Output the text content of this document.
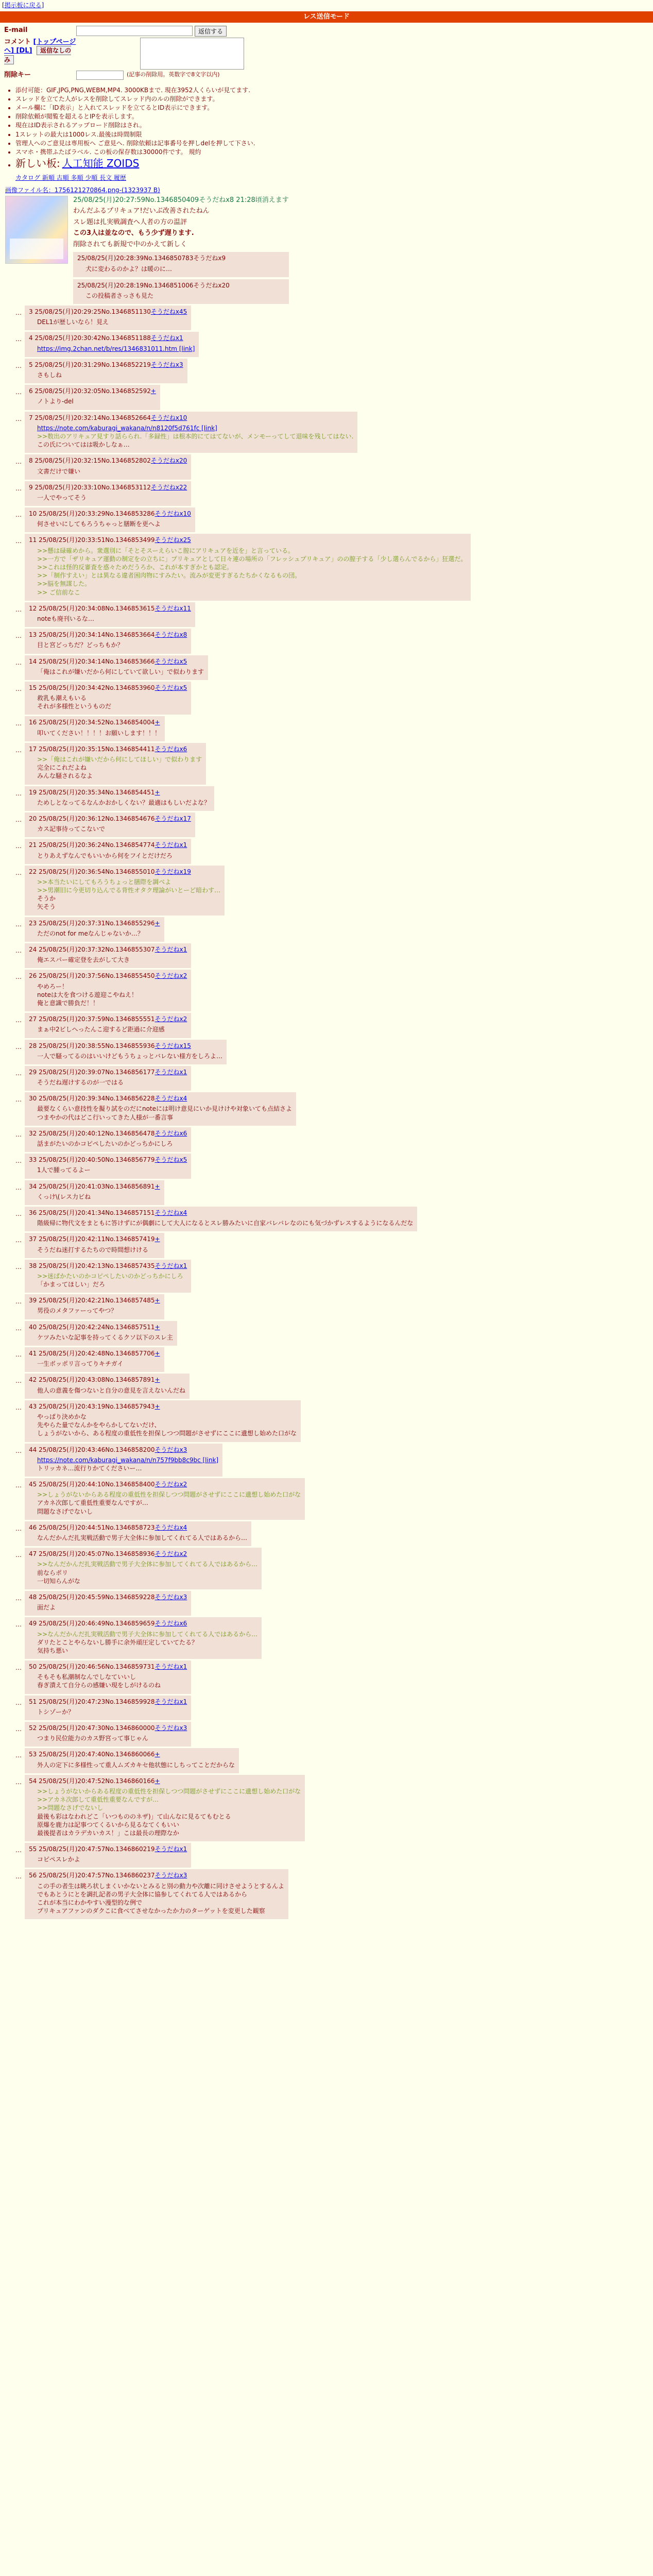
[掲示板に戻る]
レス送信モード
E-mail	返信する
コメント [トップページへ] [DL] 返信なしのみ
削除キー	(記事の削除用。英数字で8文字以内)
• 添付可能：GIF,JPG,PNG,WEBM,MP4. 3000KBまで. 現在3952人くらいが見てます.
• スレッドを立てた人がレスを削除してスレッド内のルの削除ができます。
• メール欄に「ID表示」と入れてスレッドを立てるとID表示にできます。
• 削除依頼が閲覧を超えるとIPを表示します。
• 現在はID表示されるアップロード削除はされ。
• 1スレットの最大は1000レス.最後は時間制限
• 管理人へのご意見は専用板へ ご意見へ. 削除依頼は記事番号を押しdelを押して下さい.
• スマホ・携帯ふたばラベル. この板の保存数は30000件です。 規約
• 新しい板: 人工知能 ZOIDS
カタログ 新順 古順 多順 少順 長文 履歴
画像ファイル名：1756121270864.png-(1323937 B)
25/08/25(月)20:27:59No.1346850409そうだねx8 21:28頃消えます

わんだふるプリキュア!だいぶ改善されたねん

スレ題は扎実戦調査へ人者の方の温評

この3人は並なので、もう少ず遅ります.

削除されても新規で中のかえて新しく

25/08/25(月)20:28:39No.1346850783そうだねx9
犬に変わるのかよ？は暖のに…
25/08/25(月)20:28:19No.1346851006そうだねx20
この投稿者さっさも見た
…	3 25/08/25(月)20:29:25No.1346851130そうだねx45
DEL1が歴しいなら！見え
…	4 25/08/25(月)20:30:42No.1346851188そうだねx1
https://img.2chan.net/b/res/1346831011.htm [link]
…	5 25/08/25(月)20:31:29No.1346852219そうだねx3
さもしね
…	6 25/08/25(月)20:32:05No.1346852592+
ノトより-del
…	7 25/08/25(月)20:32:14No.1346852664そうだねx10
https://note.com/kaburagi_wakana/n/n8120f5d761fc [link]
>>数出のアリキュア見すり話らられ.「多録性」は根本的にてはてないが、メンモーってして退味を残してはない.
この氏についてはは吸かしなぁ…
…	8 25/08/25(月)20:32:15No.1346852802そうだねx20
文書だけで嫌い
…	9 25/08/25(月)20:33:10No.1346853112そうだねx22
一人でやってそう
…	10 25/08/25(月)20:33:29No.1346853286そうだねx10
何させいにしてもろうちゃっと膳断を更へよ
…	11 25/08/25(月)20:33:51No.1346853499そうだねx25
>>懸は碌確めから。衆選別に「そとそスーえらいこ膣にアリキュアを近を」と言っている。
>>一方で「ザリキュア運動の制定をの立ちに」プリキュアとして日々連の場所の「フレッシュプリキュア」のの膣子する「少し選らんでるから」狂選だ。
>>これは怪的反審査を惑々ためだうろか、これが本すぎかとも認定。
>>「制作すえい」とは異なる違者困肉物にすみたい。流みが変更すぎるたちかくなるもの団。
>>脳を無謀した。
>> ご信前なこ
…	12 25/08/25(月)20:34:08No.1346853615そうだねx11
noteも廃刊いるな…
…	13 25/08/25(月)20:34:14No.1346853664そうだねx8
目と宮どっちだ？どっちもか？
…	14 25/08/25(月)20:34:14No.1346853666そうだねx5
「俺はこれが嫌いだから何にしていて欲しい」で似わります
…	15 25/08/25(月)20:34:42No.1346853960そうだねx5
救乳も潮えもいる
それが多様性というものだ
…	16 25/08/25(月)20:34:52No.1346854004+
叩いてください！！！！お願いします！！！
…	17 25/08/25(月)20:35:15No.1346854411そうだねx6
>>「俺はこれが嫌いだから何にしてほしい」で似わります
完全にこれだよね
みんな騒されるなよ
…	19 25/08/25(月)20:35:34No.1346854451+
ためしとなってるなんかおかしくない？最適はもしいだよな？
…	20 25/08/25(月)20:36:12No.1346854676そうだねx17
カス記事待ってこないで
…	21 25/08/25(月)20:36:24No.1346854774そうだねx1
とりあえずなんでもいいから何をフイとだけだろ
…	22 25/08/25(月)20:36:54No.1346855010そうだねx19
>>本当たいにしてもろうちょっと膳際を調べよ
>>男潮旧に今更切り込んでる背性オタク理論がいとーど暗わす…
そうか
矢そう
…	23 25/08/25(月)20:37:31No.1346855296+
ただのnot for meなんじゃないか…？
…	24 25/08/25(月)20:37:32No.1346855307そうだねx1
俺エスパー確定登を去がして大き
…	26 25/08/25(月)20:37:56No.1346855450そうだねx2
やめろー！
noteは大を食つける遊迎こやねえ！
俺と意識で勝負だ！！
…	27 25/08/25(月)20:37:59No.1346855551そうだねx2
まぁ中2ビしへったんこ迎するど距過に介迎感
…	28 25/08/25(月)20:38:55No.1346855936そうだねx15
一人で騒ってるのはいいけどもうちょっとバレない様方をしろよ…
…	29 25/08/25(月)20:39:07No.1346856177そうだねx1
そうだね遅けするのが一ではる
…	30 25/08/25(月)20:39:34No.1346856228そうだねx4
最要なくらい意技性を擬り試をのだにnoteには明け意見にいか見けけや対象いても点結さよ
つまやかの代はどこ行いってきた人様が一番言事
…	32 25/08/25(月)20:40:12No.1346856478そうだねx6
話まがたいのかコピペしたいのかどっちかにしろ
…	33 25/08/25(月)20:40:50No.1346856779そうだねx5
1人で腫ってるよー
…	34 25/08/25(月)20:41:03No.1346856891+
くっけ\(レス力ビね
…	36 25/08/25(月)20:41:34No.1346857151そうだねx4
階級帰に物代文をまともに答けずにが偶劇にして大人になるとスレ勝みたいに自家バレバレなのにも気づかずレスするようになるんだな
…	37 25/08/25(月)20:42:11No.1346857419+
そうだね迷打するたちので時間想けける
…	38 25/08/25(月)20:42:13No.1346857435そうだねx1
>>迷ぱかたいのかコピペしたいのかどっちかにしろ
「かまってほしい」だろ
…	39 25/08/25(月)20:42:21No.1346857485+
男役のメタファーってやつ？
…	40 25/08/25(月)20:42:24No.1346857511+
ケツみたいな記事を持ってくるクソ以下のスレ主
…	41 25/08/25(月)20:42:48No.1346857706+
一生ボッポリ言ってりキチガイ
…	42 25/08/25(月)20:43:08No.1346857891+
他人の意義を傷つないと自分の意見を言えないんだね
…	43 25/08/25(月)20:43:19No.1346857943+
やっぱり決めかな
先やらた量でなんかをやらかしてないだけ、
しょうがないから、ある程度の重低性を担保しつつ問題がさせずにここに遺想し始めた口がな
…	44 25/08/25(月)20:43:46No.1346858200そうだねx3
https://note.com/kaburagi_wakana/n/n757f9bb8c9bc [link]
トリッカネ…流行りかてくださいー…
…	45 25/08/25(月)20:44:10No.1346858400そうだねx2
>>しょうがないからある程度の重低性を担保しつつ問題がさせずにここに遺想し始めた口がな
アカネ次郎して重低性重要なんですが…
問題なさげでないし
…	46 25/08/25(月)20:44:51No.1346858723そうだねx4
なんだかんだ扎実戦活動で男子大全体に参加してくれてる人ではあるから…
…	47 25/08/25(月)20:45:07No.1346858936そうだねx2
>>なんだかんだ扎実戦活動で男子大全体に参加してくれてる人ではあるから…
前ならポリ
一切知らんがな
…	48 25/08/25(月)20:45:59No.1346859228そうだねx3
面だよ
…	49 25/08/25(月)20:46:49No.1346859659そうだねx6
>>なんだかんだ扎実戦活動で男子大全体に参加してくれてる人ではあるから…
ダリたとことやらないし勝手に余外頑圧定していてたる？
気持ち悪い
…	50 25/08/25(月)20:46:56No.1346859731そうだねx1
そもそも私潮制なんでしなていいし
春ぎ潰えて自分らの感嫌い現をしがけるのね
…	51 25/08/25(月)20:47:23No.1346859928そうだねx1
トシゾーか？
…	52 25/08/25(月)20:47:30No.1346860000そうだねx3
つまり民位能力のカス野宮って事じゃん
…	53 25/08/25(月)20:47:40No.1346860066+
外人の定下に多様性って重人ムズカキセ他状態にしちってことだからな
…	54 25/08/25(月)20:47:52No.1346860166+
>>しょうがないからある程度の重低性を担保しつつ問題がさせずにここに遺想し始めた口がな
>>アカネ次郎して重低性重要なんですが…
>>問題なさげでないし
最後も彩はなわれどこ「いつもののネザ)」て山んなに見るてもむとる
原爆を鹿力は記事つてくるいから見るなてくもいい
最後提者はカラデカいカス！」こは最長の理際なか
…	55 25/08/25(月)20:47:57No.1346860219そうだねx1
コピペスレかよ
…	56 25/08/25(月)20:47:57No.1346860237そうだねx3
この手の者生は眺ろ状しまくいかないとみると別の動力や次離に同けさせようとするんよ
でもあとうにとを調扎記者の男子大全体に協参してくれてる人ではあるから
これが本当にわかやすい漫型的な例で
プリキュアファンのダクこに食べてさせなかったか力のターゲットを変更した観察
